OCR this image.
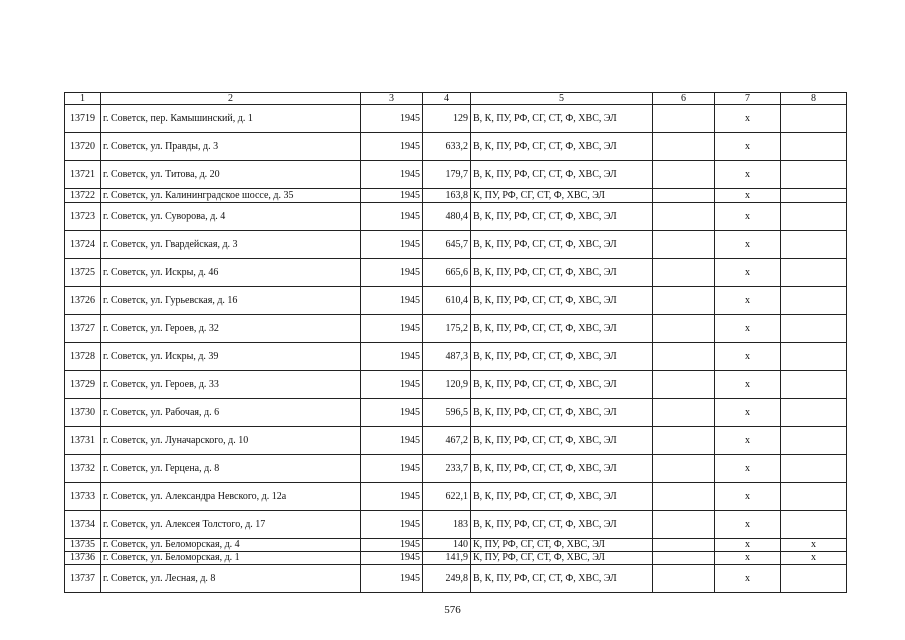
1	2	3	4	5	6	7	8
13719	г. Советск, пер. Камышинский, д. 1	1945	129	В, К, ПУ, РФ, СГ, СТ, Ф, ХВС, ЭЛ		x	
13720	г. Советск, ул. Правды, д. 3	1945	633,2	В, К, ПУ, РФ, СГ, СТ, Ф, ХВС, ЭЛ		x	
13721	г. Советск, ул. Титова, д. 20	1945	179,7	В, К, ПУ, РФ, СГ, СТ, Ф, ХВС, ЭЛ		x	
13722	г. Советск, ул. Калининградское шоссе, д. 35	1945	163,8	К, ПУ, РФ, СГ, СТ, Ф, ХВС, ЭЛ		x	
13723	г. Советск, ул. Суворова, д. 4	1945	480,4	В, К, ПУ, РФ, СГ, СТ, Ф, ХВС, ЭЛ		x	
13724	г. Советск, ул. Гвардейская, д. 3	1945	645,7	В, К, ПУ, РФ, СГ, СТ, Ф, ХВС, ЭЛ		x	
13725	г. Советск, ул. Искры, д. 46	1945	665,6	В, К, ПУ, РФ, СГ, СТ, Ф, ХВС, ЭЛ		x	
13726	г. Советск, ул. Гурьевская, д. 16	1945	610,4	В, К, ПУ, РФ, СГ, СТ, Ф, ХВС, ЭЛ		x	
13727	г. Советск, ул. Героев, д. 32	1945	175,2	В, К, ПУ, РФ, СГ, СТ, Ф, ХВС, ЭЛ		x	
13728	г. Советск, ул. Искры, д. 39	1945	487,3	В, К, ПУ, РФ, СГ, СТ, Ф, ХВС, ЭЛ		x	
13729	г. Советск, ул. Героев, д. 33	1945	120,9	В, К, ПУ, РФ, СГ, СТ, Ф, ХВС, ЭЛ		x	
13730	г. Советск, ул. Рабочая, д. 6	1945	596,5	В, К, ПУ, РФ, СГ, СТ, Ф, ХВС, ЭЛ		x	
13731	г. Советск, ул. Луначарского, д. 10	1945	467,2	В, К, ПУ, РФ, СГ, СТ, Ф, ХВС, ЭЛ		x	
13732	г. Советск, ул. Герцена, д. 8	1945	233,7	В, К, ПУ, РФ, СГ, СТ, Ф, ХВС, ЭЛ		x	
13733	г. Советск, ул. Александра Невского, д. 12а	1945	622,1	В, К, ПУ, РФ, СГ, СТ, Ф, ХВС, ЭЛ		x	
13734	г. Советск, ул. Алексея Толстого, д. 17	1945	183	В, К, ПУ, РФ, СГ, СТ, Ф, ХВС, ЭЛ		x	
13735	г. Советск, ул. Беломорская, д. 4	1945	140	К, ПУ, РФ, СГ, СТ, Ф, ХВС, ЭЛ		x	x
13736	г. Советск, ул. Беломорская, д. 1	1945	141,9	К, ПУ, РФ, СГ, СТ, Ф, ХВС, ЭЛ		x	x
13737	г. Советск, ул. Лесная, д. 8	1945	249,8	В, К, ПУ, РФ, СГ, СТ, Ф, ХВС, ЭЛ		x	
576
